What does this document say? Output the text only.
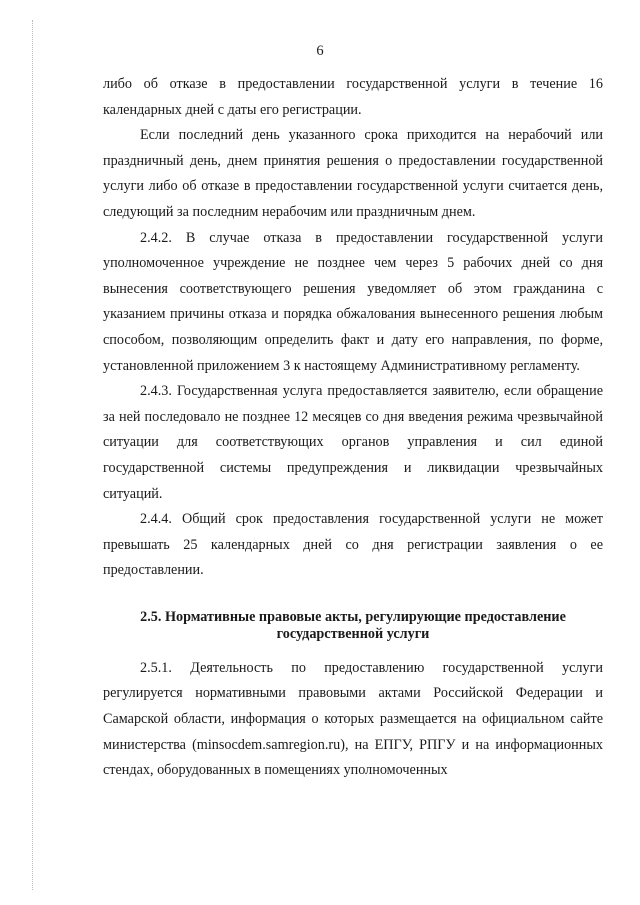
6

либо об отказе в предоставлении государственной услуги в течение 16 календарных дней с даты его регистрации.

Если последний день указанного срока приходится на нерабочий или праздничный день, днем принятия решения о предоставлении государственной услуги либо об отказе в предоставлении государственной услуги считается день, следующий за последним нерабочим или праздничным днем.

2.4.2. В случае отказа в предоставлении государственной услуги уполномоченное учреждение не позднее чем через 5 рабочих дней со дня вынесения соответствующего решения уведомляет об этом гражданина с указанием причины отказа и порядка обжалования вынесенного решения любым способом, позволяющим определить факт и дату его направления, по форме, установленной приложением 3 к настоящему Административному регламенту.

2.4.3. Государственная услуга предоставляется заявителю, если обращение за ней последовало не позднее 12 месяцев со дня введения режима чрезвычайной ситуации для соответствующих органов управления и сил единой государственной системы предупреждения и ликвидации чрезвычайных ситуаций.

2.4.4. Общий срок предоставления государственной услуги не может превышать 25 календарных дней со дня регистрации заявления о ее предоставлении.

2.5. Нормативные правовые акты, регулирующие предоставление
государственной услуги

2.5.1. Деятельность по предоставлению государственной услуги регулируется нормативными правовыми актами Российской Федерации и Самарской области, информация о которых размещается на официальном сайте министерства (minsocdem.samregion.ru), на ЕПГУ, РПГУ и на информационных стендах, оборудованных в помещениях уполномоченных
